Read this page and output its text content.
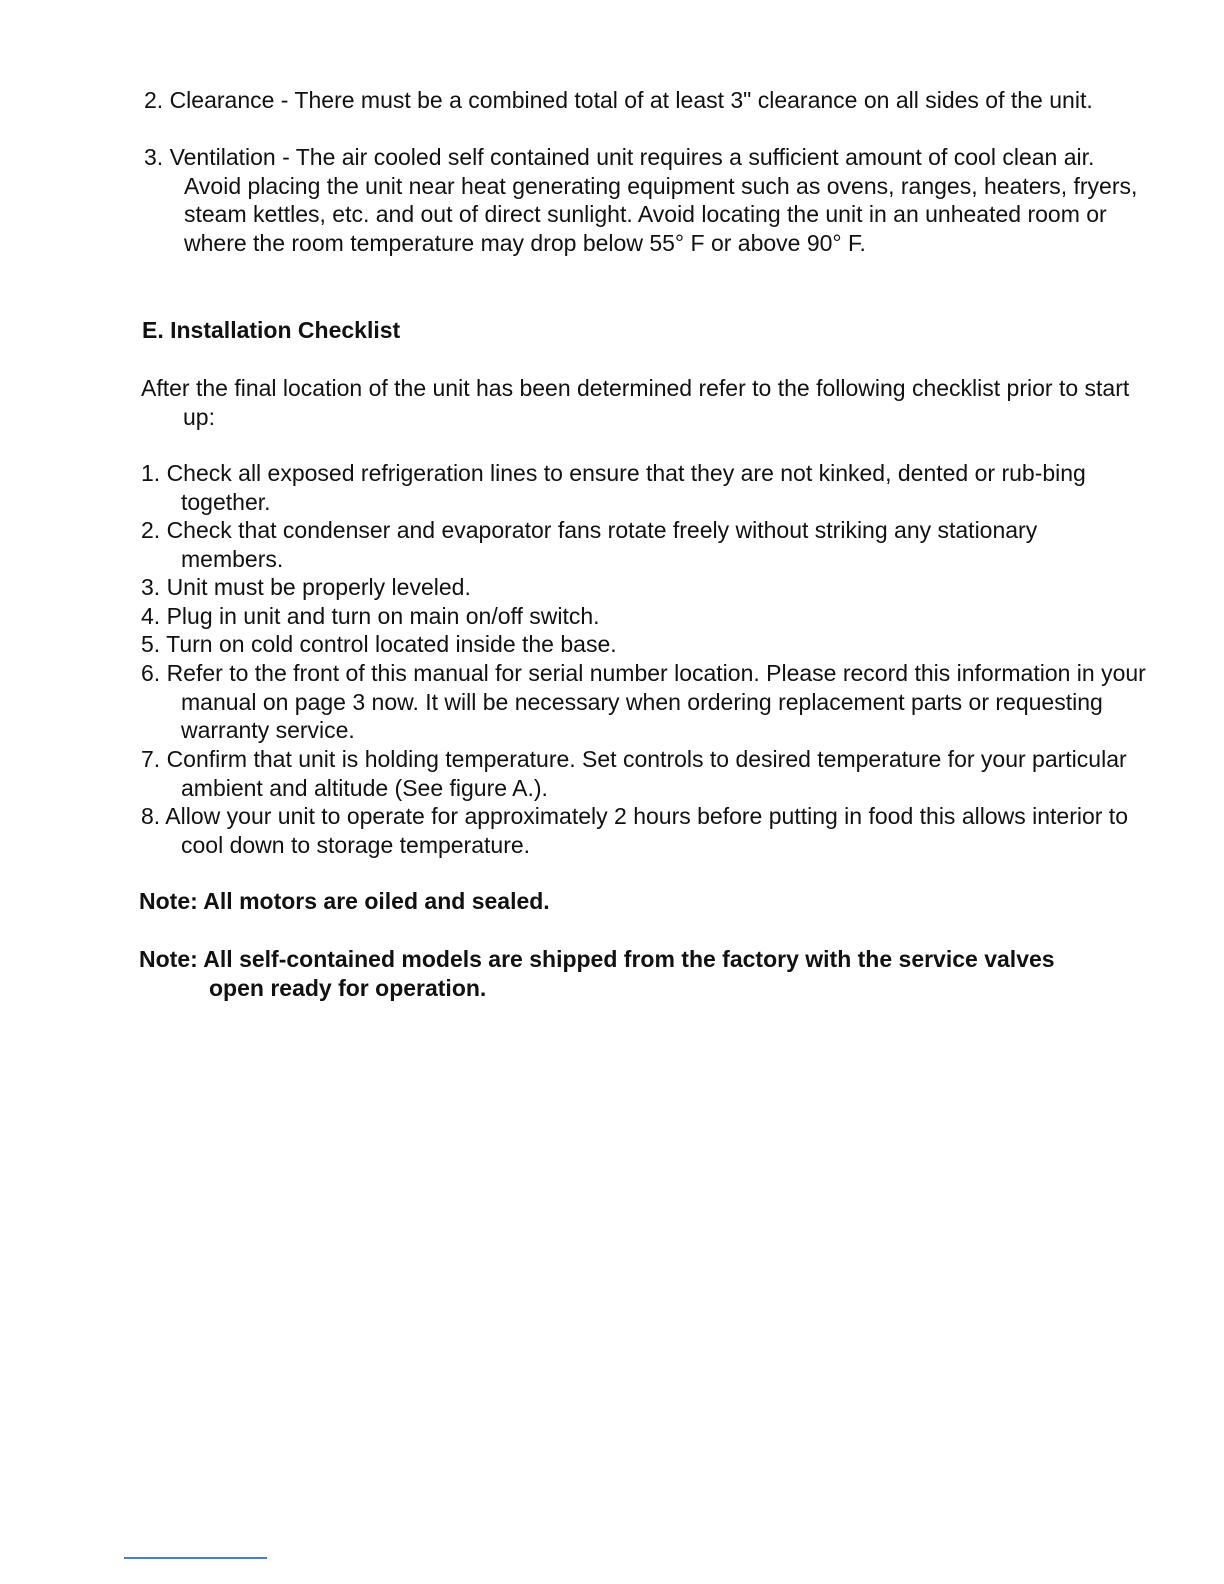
2. Clearance - There must be a combined total of at least 3" clearance on all sides of the unit.

3. Ventilation - The air cooled self contained unit requires a sufficient amount of cool clean air. Avoid placing the unit near heat generating equipment such as ovens, ranges, heaters, fryers, steam kettles, etc. and out of direct sunlight. Avoid locating the unit in an unheated room or where the room temperature may drop below 55° F or above 90° F.

E. Installation Checklist

After the final location of the unit has been determined refer to the following checklist prior to start up:

1. Check all exposed refrigeration lines to ensure that they are not kinked, dented or rub-bing together.

2. Check that condenser and evaporator fans rotate freely without striking any stationary members.

3. Unit must be properly leveled.

4. Plug in unit and turn on main on/off switch.

5. Turn on cold control located inside the base.

6. Refer to the front of this manual for serial number location. Please record this information in your manual on page 3 now. It will be necessary when ordering replacement parts or requesting warranty service.

7. Confirm that unit is holding temperature. Set controls to desired temperature for your particular ambient and altitude (See figure A.).

8. Allow your unit to operate for approximately 2 hours before putting in food this allows interior to cool down to storage temperature.

Note: All motors are oiled and sealed.

Note: All self-contained models are shipped from the factory with the service valves
open ready for operation.
